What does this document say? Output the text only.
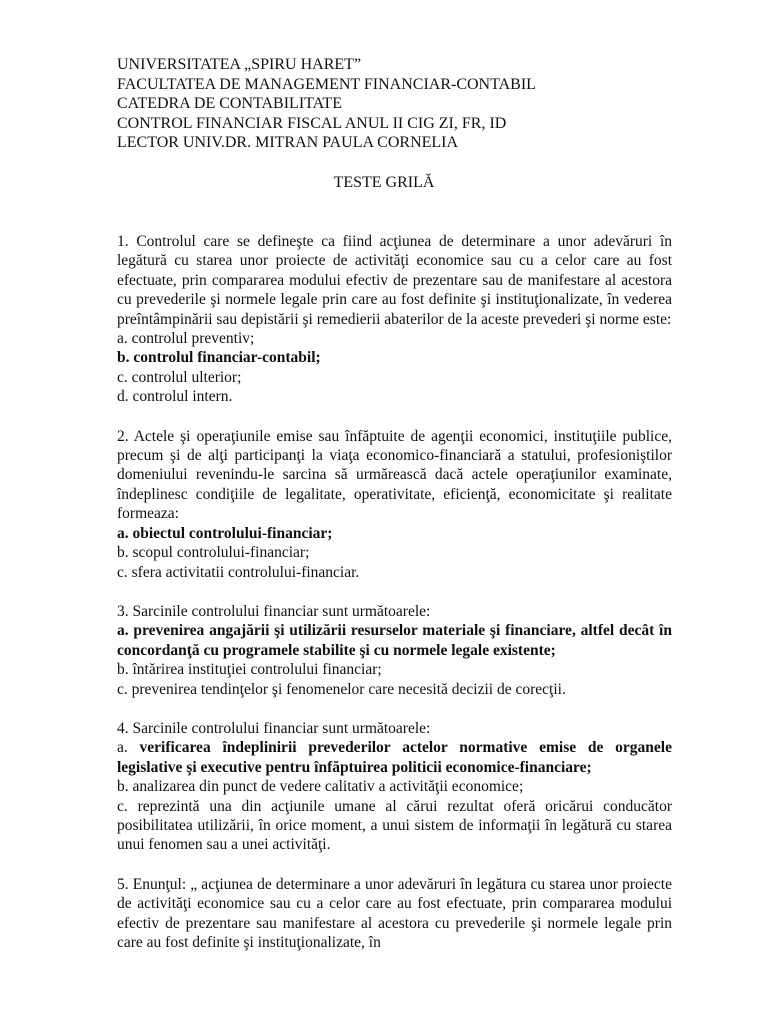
UNIVERSITATEA „SPIRU HARET”
FACULTATEA DE MANAGEMENT FINANCIAR-CONTABIL
CATEDRA DE CONTABILITATE
CONTROL FINANCIAR FISCAL ANUL II CIG ZI, FR, ID
LECTOR UNIV.DR. MITRAN PAULA CORNELIA
TESTE GRILĂ
1. Controlul care se defineşte ca fiind acţiunea de determinare a unor adevăruri în legătură cu starea unor proiecte de activităţi economice sau cu a celor care au fost efectuate, prin compararea modului efectiv de prezentare sau de manifestare al acestora cu prevederile şi normele legale prin care au fost definite şi instituţionalizate, în vederea preîntâmpinării sau depistării şi remedierii abaterilor de la aceste prevederi şi norme este:
a. controlul preventiv;
b. controlul financiar-contabil;
c. controlul ulterior;
d. controlul intern.
2. Actele şi operaţiunile emise sau înfăptuite de agenţii economici, instituţiile publice, precum şi de alţi participanţi la viaţa economico-financiară a statului, profesioniştilor domeniului revenindu-le sarcina să urmărească dacă actele operaţiunilor examinate, îndeplinesc condiţiile de legalitate, operativitate, eficienţă, economicitate şi realitate formeaza:
a. obiectul controlului-financiar;
b. scopul controlului-financiar;
c. sfera activitatii controlului-financiar.
3. Sarcinile controlului financiar sunt următoarele:
a. prevenirea angajării şi utilizării resurselor materiale şi financiare, altfel decât în concordanţă cu programele stabilite şi cu normele legale existente;
b. întărirea instituţiei controlului financiar;
c. prevenirea tendinţelor şi fenomenelor care necesită decizii de corecţii.
4. Sarcinile controlului financiar sunt următoarele:
a. verificarea îndeplinirii prevederilor actelor normative emise de organele legislative şi executive pentru înfăptuirea politicii economice-financiare;
b. analizarea din punct de vedere calitativ a activităţii economice;
c. reprezintă una din acţiunile umane al cărui rezultat oferă oricărui conducător posibilitatea utilizării, în orice moment, a unui sistem de informaţii în legătură cu starea unui fenomen sau a unei activităţi.
5. Enunţul: „ acţiunea de determinare a unor adevăruri în legătura cu starea unor proiecte de activităţi economice sau cu a celor care au fost efectuate, prin compararea modului efectiv de prezentare sau manifestare al acestora cu prevederile şi normele legale prin care au fost definite şi instituţionalizate, în
